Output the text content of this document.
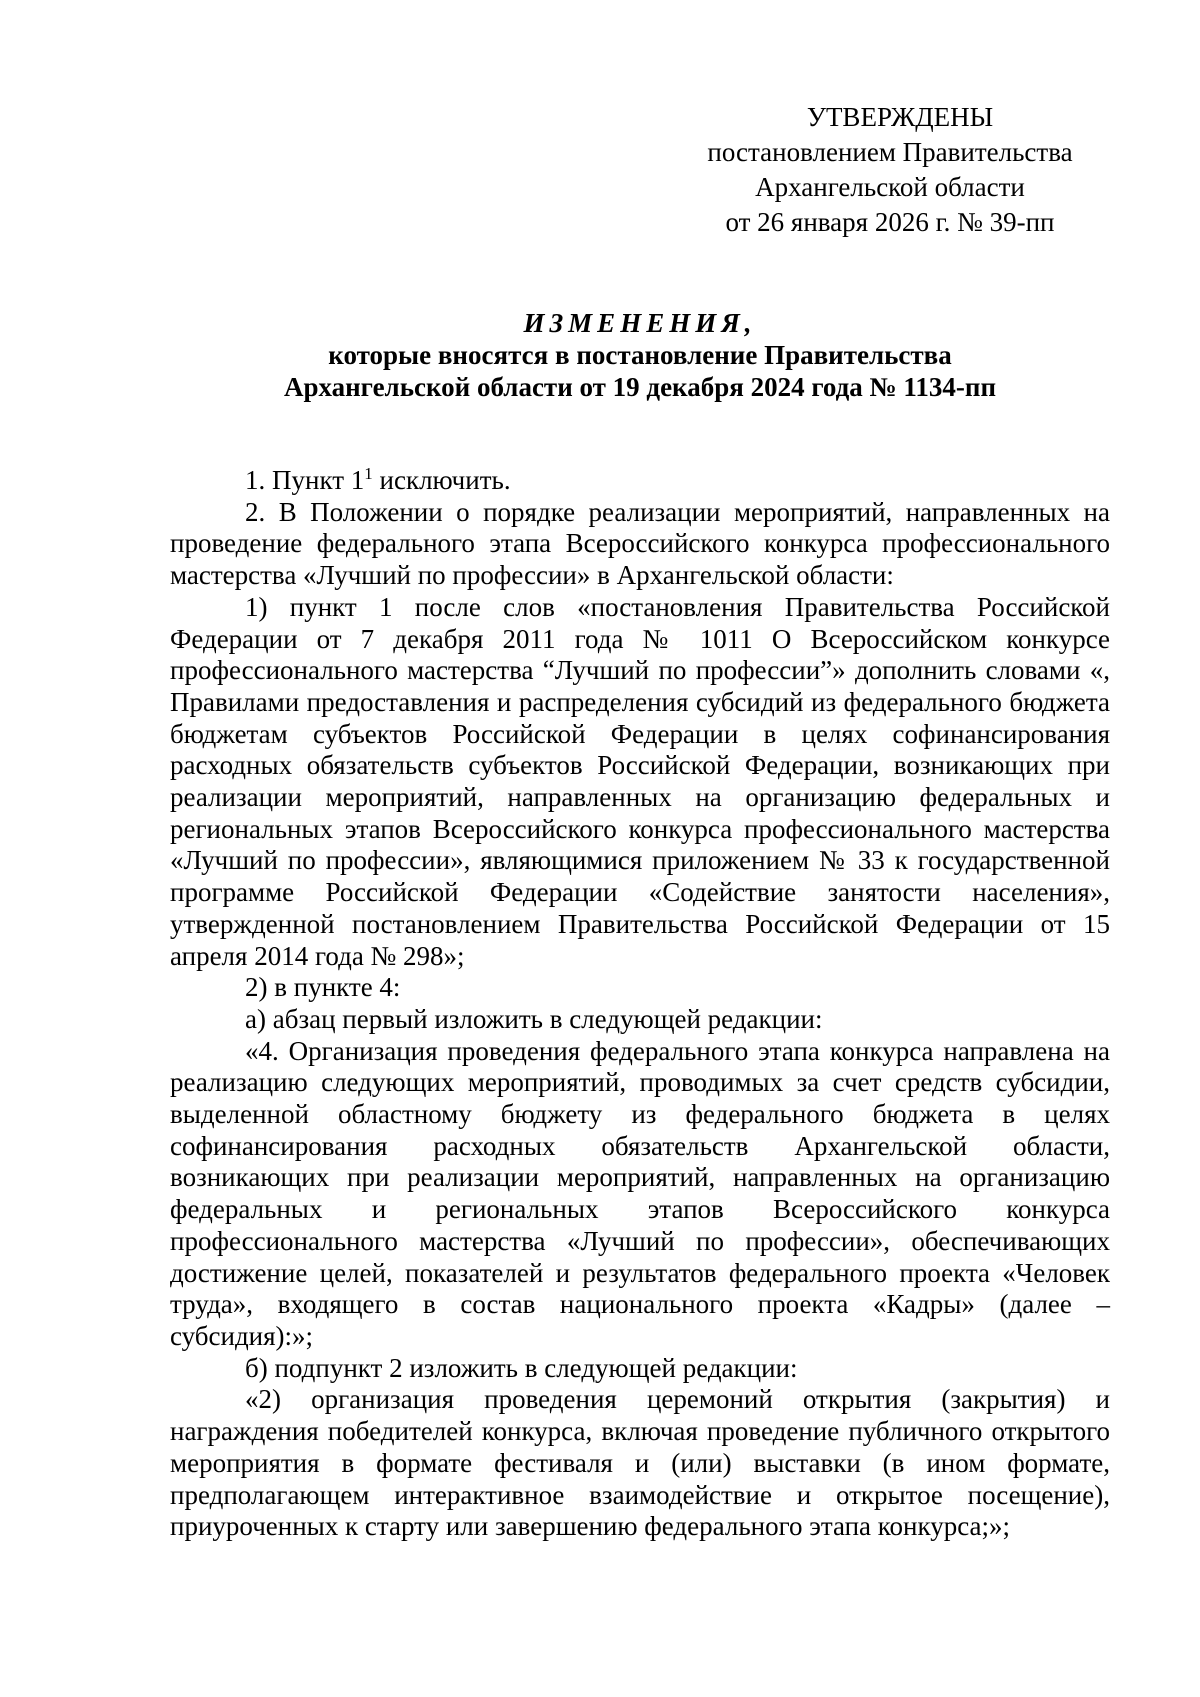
УТВЕРЖДЕНЫ
постановлением Правительства
Архангельской области
от 26 января 2026 г. № 39-пп
ИЗМЕНЕНИЯ,
которые вносятся в постановление Правительства
Архангельской области от 19 декабря 2024 года № 1134-пп

1. Пункт $1^1$ исключить.

2. В Положении о порядке реализации мероприятий, направленных на проведение федерального этапа Всероссийского конкурса профессионального мастерства «Лучший по профессии» в Архангельской области:

1) пункт 1 после слов «постановления Правительства Российской Федерации от 7 декабря 2011 года № 1011 О Всероссийском конкурсе профессионального мастерства “Лучший по профессии”» дополнить словами «, Правилами предоставления и распределения субсидий из федерального бюджета бюджетам субъектов Российской Федерации в целях софинансирования расходных обязательств субъектов Российской Федерации, возникающих при реализации мероприятий, направленных на организацию федеральных и региональных этапов Всероссийского конкурса профессионального мастерства «Лучший по профессии», являющимися приложением № 33 к государственной программе Российской Федерации «Содействие занятости населения», утвержденной постановлением Правительства Российской Федерации от 15 апреля 2014 года № 298»;

2) в пункте 4:

а) абзац первый изложить в следующей редакции:

«4. Организация проведения федерального этапа конкурса направлена на реализацию следующих мероприятий, проводимых за счет средств субсидии, выделенной областному бюджету из федерального бюджета в целях софинансирования расходных обязательств Архангельской области, возникающих при реализации мероприятий, направленных на организацию федеральных и региональных этапов Всероссийского конкурса профессионального мастерства «Лучший по профессии», обеспечивающих достижение целей, показателей и результатов федерального проекта «Человек труда», входящего в состав национального проекта «Кадры» (далее – субсидия):»;

б) подпункт 2 изложить в следующей редакции:

«2) организация проведения церемоний открытия (закрытия) и награждения победителей конкурса, включая проведение публичного открытого мероприятия в формате фестиваля и (или) выставки (в ином формате, предполагающем интерактивное взаимодействие и открытое посещение), приуроченных к старту или завершению федерального этапа конкурса;»;
